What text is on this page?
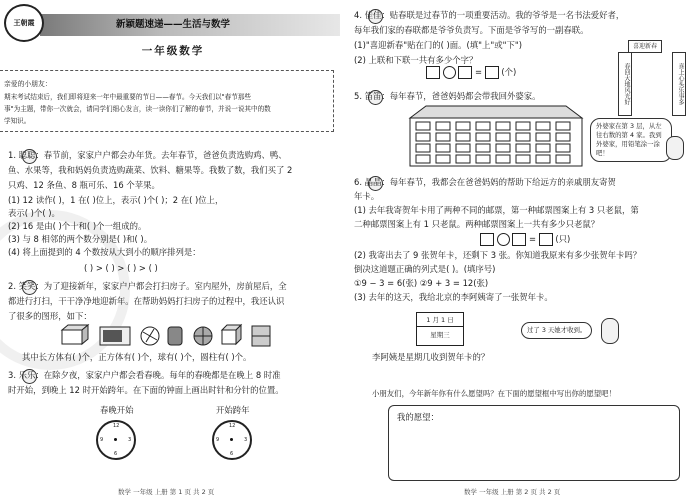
王朝霞	新颖题速递——生活与数学
一年级数学
亲爱的小朋友：
期末考试结束后，我们即将迎来一年中最重要的节日——春节。今天我们以"春节那些
事"为主题，带你一次就会，请同学们细心发言，读一读你们了解的春节，并说一说其中的数
学知识。
1. 聪聪：春节前，家家户户都会办年货。去年春节，爸爸负责选购鸡、鸭、
鱼、水果等，我和妈妈负责选购蔬菜、饮料、糖果等。我数了数，我们买了 2
只鸡、12 条鱼、8 瓶可乐、16 个苹果。
(1) 12 读作( )，1 在( )位上，表示( )个( )；2 在( )位上，
表示( )个( )。
(2) 16 是由( )个十和( )个一组成的。
(3) 与 8 相邻的两个数分别是( )和( )。
(4) 将上面提到的 4 个数按从大到小的顺序排列是：
( ) > ( ) > ( ) > ( )
2. 笑笑：为了迎接新年，家家户户都会打扫房子。室内屋外，房前屋后，全
都进行打扫，干干净净地迎新年。在帮助妈妈打扫房子的过程中，我还认识
了很多的图形，如下：
其中长方体有( )个，正方体有( )个，球有( )个，圆柱有( )个。
3. 乐乐：在除夕夜，家家户户都会看春晚。每年的春晚都是在晚上 8 时准
时开始，到晚上 12 时开始跨年。在下面的钟面上画出时针和分针的位置。
春晚开始	开始跨年
12
3
6
9
12
3
6
9
数学 一年级 上册 第 1 页 共 2 页
4. 佳佳：贴春联是过春节的一项重要活动。我的爷爷是一名书法爱好者，
每年我们家的春联都是爷爷负责写。下面是爷爷写的一副春联。
(1)"喜迎新春"贴在门的( )面。(填"上"或"下")
(2) 上联和下联一共有多少个字？
=  (个)
喜迎新春
春回大地风光好	喜上心头乐事多
5. 笛笛：每年春节，爸爸妈妈都会带我回外婆家。
外婆家在第 3 层，从左往右数的第 4 家。我到外婆家，用铅笔涂一涂吧！
6. 晶晶：每年春节，我都会在爸爸妈妈的帮助下给远方的亲戚朋友寄贺
年卡。
(1) 去年我寄贺年卡用了两种不同的邮票，第一种邮票图案上有 3 只老鼠，第
二种邮票图案上有 1 只老鼠。两种邮票图案上一共有多少只老鼠？
=  (只)
(2) 我寄出去了 9 张贺年卡，还剩下 3 张。你知道我原来有多少张贺年卡吗？
倒决这道题正确的列式是( )。(填序号)
①9 − 3 = 6(张) ②9 + 3 = 12(张)
(3) 去年的这天，我给北京的李阿姨寄了一张贺年卡。
1 月 1 日
星期三
过了 3 天她才收到。
李阿姨是星期几收到贺年卡的？
小朋友们，今年新年你有什么愿望吗？在下面的愿望框中写出你的愿望吧！
数学 一年级 上册 第 2 页 共 2 页
我的愿望：
